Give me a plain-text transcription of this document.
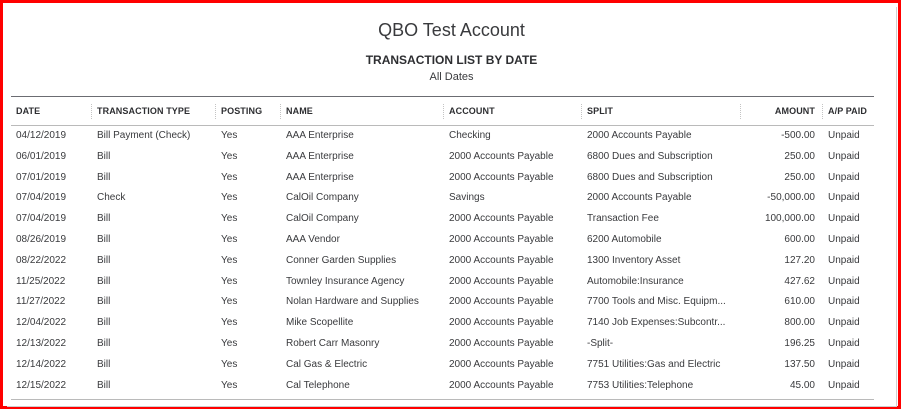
QBO Test Account
TRANSACTION LIST BY DATE
All Dates
DATE	TRANSACTION TYPE	POSTING	NAME	ACCOUNT	SPLIT	AMOUNT A/P PAID
04/12/2019	Bill Payment (Check)	Yes	AAA Enterprise	Checking	2000 Accounts Payable	-500.00 Unpaid
06/01/2019	Bill	Yes	AAA Enterprise	2000 Accounts Payable	6800 Dues and Subscription	250.00 Unpaid
07/01/2019	Bill	Yes	AAA Enterprise	2000 Accounts Payable	6800 Dues and Subscription	250.00 Unpaid
07/04/2019	Check	Yes	CalOil Company	Savings	2000 Accounts Payable	-50,000.00 Unpaid
07/04/2019	Bill	Yes	CalOil Company	2000 Accounts Payable	Transaction Fee	100,000.00 Unpaid
08/26/2019	Bill	Yes	AAA Vendor	2000 Accounts Payable	6200 Automobile	600.00 Unpaid
08/22/2022	Bill	Yes	Conner Garden Supplies	2000 Accounts Payable	1300 Inventory Asset	127.20 Unpaid
11/25/2022	Bill	Yes	Townley Insurance Agency	2000 Accounts Payable	Automobile:Insurance	427.62 Unpaid
11/27/2022	Bill	Yes	Nolan Hardware and Supplies	2000 Accounts Payable	7700 Tools and Misc. Equipm...	610.00 Unpaid
12/04/2022	Bill	Yes	Mike Scopellite	2000 Accounts Payable	7140 Job Expenses:Subcontr...	800.00 Unpaid
12/13/2022	Bill	Yes	Robert Carr Masonry	2000 Accounts Payable	-Split-	196.25 Unpaid
12/14/2022	Bill	Yes	Cal Gas & Electric	2000 Accounts Payable	7751 Utilities:Gas and Electric	137.50 Unpaid
12/15/2022	Bill	Yes	Cal Telephone	2000 Accounts Payable	7753 Utilities:Telephone	45.00 Unpaid
